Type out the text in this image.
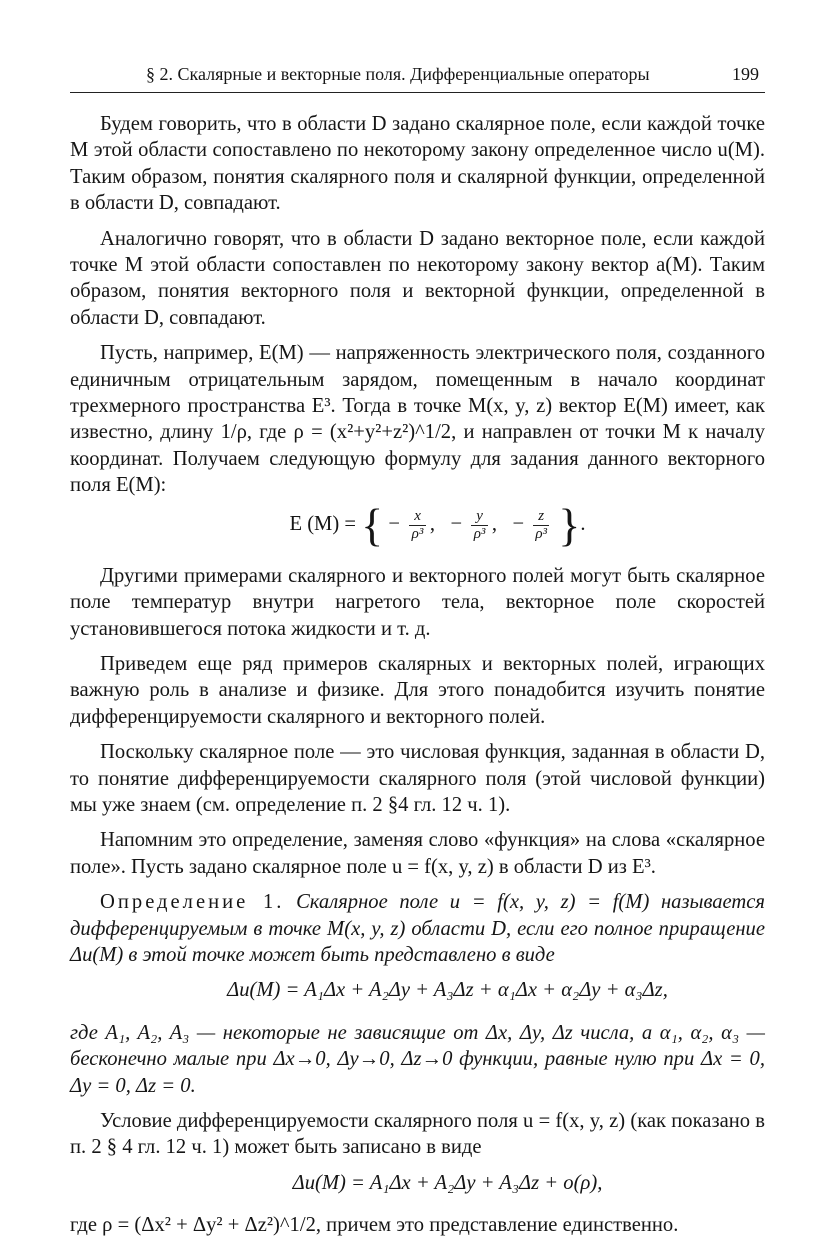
§ 2. Скалярные и векторные поля. Дифференциальные операторы	199

Будем говорить, что в области D задано скалярное поле, если каждой точке M этой области сопоставлено по некоторому закону определенное число u(M). Таким образом, понятия скалярного поля и скалярной функции, определенной в области D, совпадают.

Аналогично говорят, что в области D задано векторное поле, если каждой точке M этой области сопоставлен по некоторому закону вектор a(M). Таким образом, понятия векторного поля и векторной функции, определенной в области D, совпадают.

Пусть, например, E(M) — напряженность электрического поля, созданного единичным отрицательным зарядом, помещенным в начало координат трехмерного пространства E³. Тогда в точке M(x, y, z) вектор E(M) имеет, как известно, длину 1/ρ, где ρ = (x²+y²+z²)^1/2, и направлен от точки M к началу координат. Получаем следующую формулу для задания данного векторного поля E(M):

E (M) = { − $\frac{x}{\text{ρ³}}$ ,   − $\frac{y}{\text{ρ³}}$ ,   − $\frac{z}{\text{ρ³}}$ }.

Другими примерами скалярного и векторного полей могут быть скалярное поле температур внутри нагретого тела, векторное поле скоростей установившегося потока жидкости и т. д.

Приведем еще ряд примеров скалярных и векторных полей, играющих важную роль в анализе и физике. Для этого понадобится изучить понятие дифференцируемости скалярного и векторного полей.

Поскольку скалярное поле — это числовая функция, заданная в области D, то понятие дифференцируемости скалярного поля (этой числовой функции) мы уже знаем (см. определение п. 2 §4 гл. 12 ч. 1).

Напомним это определение, заменяя слово «функция» на слова «скалярное поле». Пусть задано скалярное поле u = f(x, y, z) в области D из E³.

Определение 1. Скалярное поле u = f(x, y, z) = f(M) называется дифференцируемым в точке M(x, y, z) области D, если его полное приращение Δu(M) в этой точке может быть представлено в виде

Δu(M) = A₁Δx + A₂Δy + A₃Δz + α₁Δx + α₂Δy + α₃Δz,

где A₁, A₂, A₃ — некоторые не зависящие от Δx, Δy, Δz числа, а α₁, α₂, α₃ — бесконечно малые при Δx→0, Δy→0, Δz→0 функции, равные нулю при Δx = 0, Δy = 0, Δz = 0.

Условие дифференцируемости скалярного поля u = f(x, y, z) (как показано в п. 2 § 4 гл. 12 ч. 1) может быть записано в виде

Δu(M) = A₁Δx + A₂Δy + A₃Δz + o(ρ),

где ρ = (Δx² + Δy² + Δz²)^1/2, причем это представление единственно.
